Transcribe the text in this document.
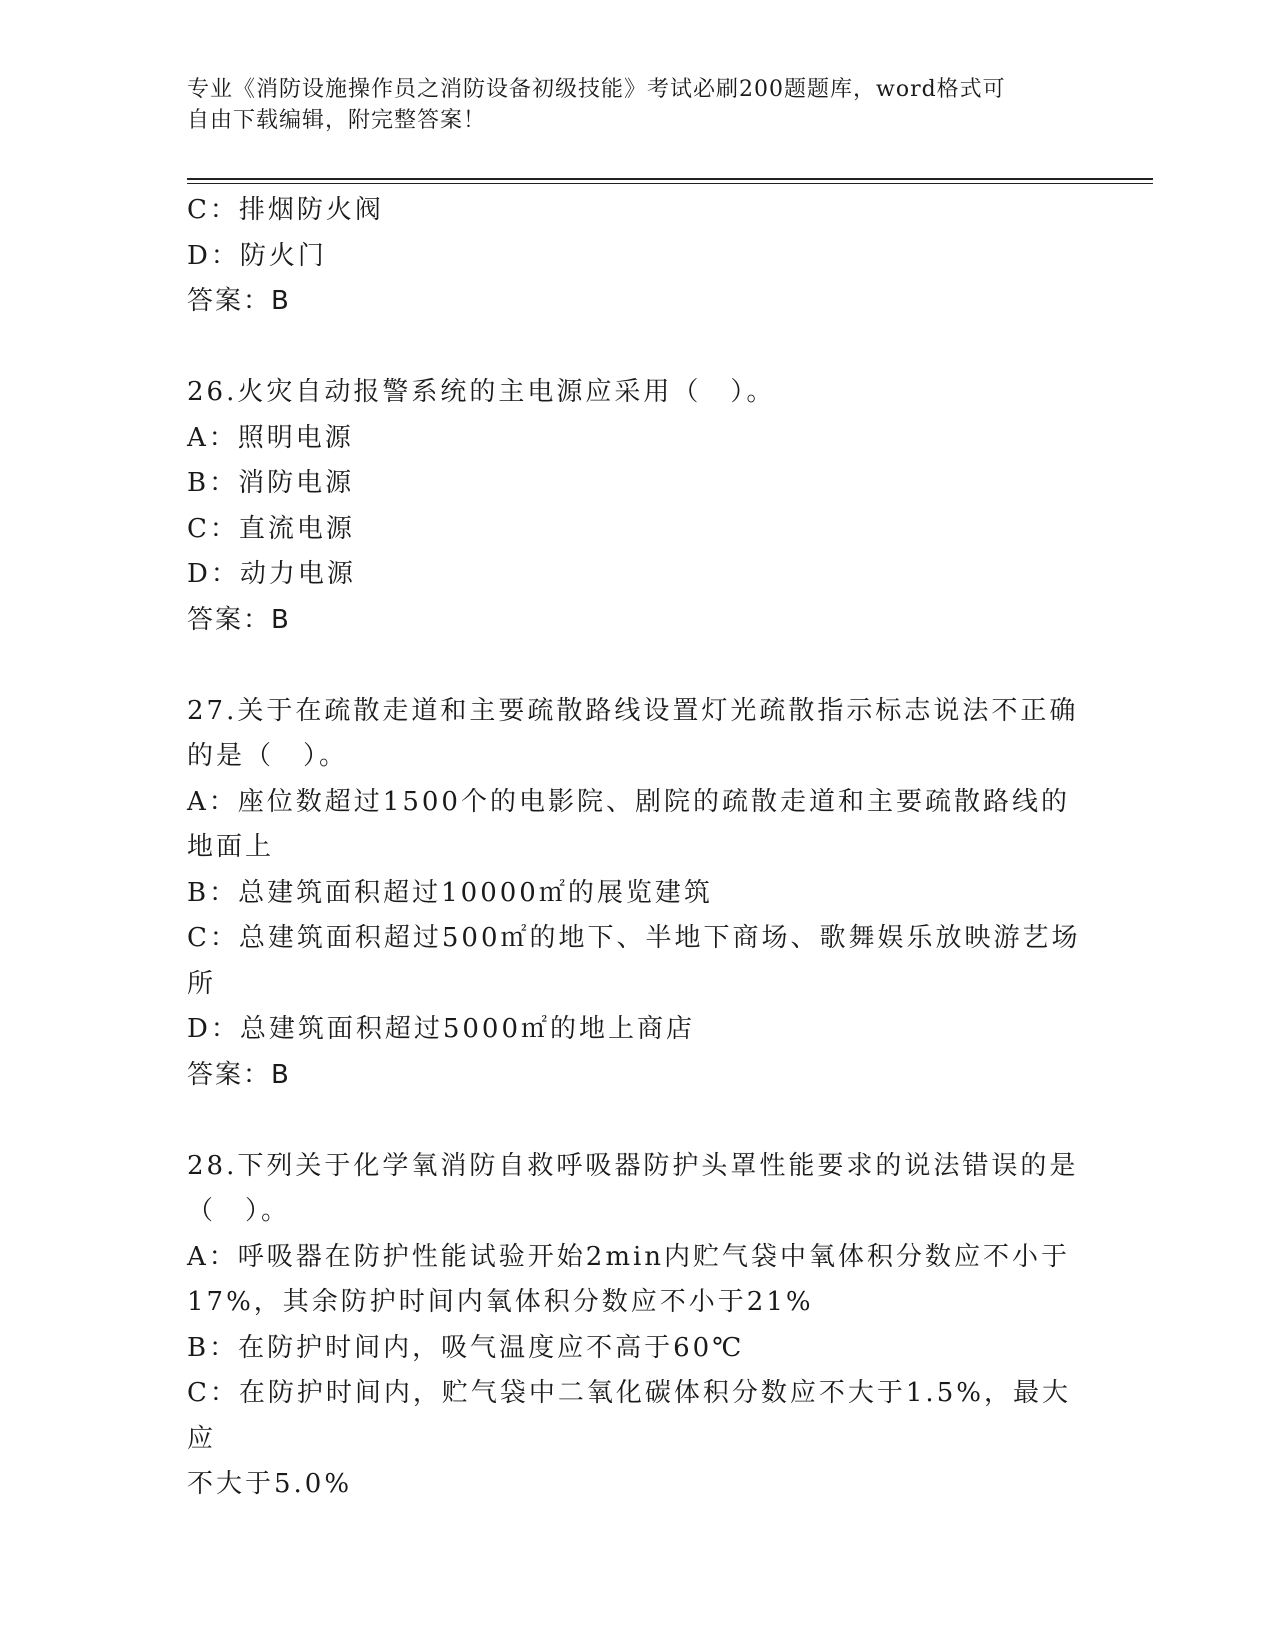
专业《消防设施操作员之消防设备初级技能》考试必刷200题题库，word格式可
自由下载编辑，附完整答案！
C：排烟防火阀
D：防火门
答案：B
26.火灾自动报警系统的主电源应采用（　）。
A：照明电源
B：消防电源
C：直流电源
D：动力电源
答案：B
27.关于在疏散走道和主要疏散路线设置灯光疏散指示标志说法不正确
的是（　）。
A：座位数超过1500个的电影院、剧院的疏散走道和主要疏散路线的
地面上
B：总建筑面积超过10000㎡的展览建筑
C：总建筑面积超过500㎡的地下、半地下商场、歌舞娱乐放映游艺场
所
D：总建筑面积超过5000㎡的地上商店
答案：B
28.下列关于化学氧消防自救呼吸器防护头罩性能要求的说法错误的是
（　）。
A：呼吸器在防护性能试验开始2min内贮气袋中氧体积分数应不小于
17%，其余防护时间内氧体积分数应不小于21%
B：在防护时间内，吸气温度应不高于60℃
C：在防护时间内，贮气袋中二氧化碳体积分数应不大于1.5%，最大应
不大于5.0%
